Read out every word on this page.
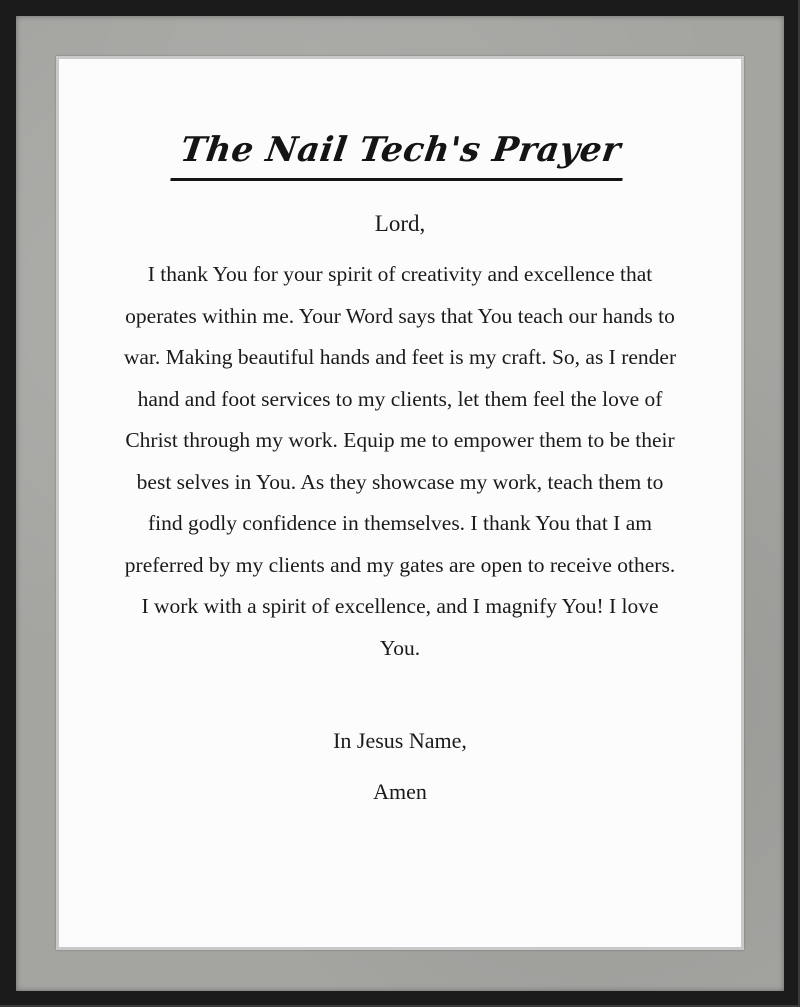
The Nail Tech's Prayer

Lord,

I thank You for your spirit of creativity and excellence that operates within me. Your Word says that You teach our hands to war. Making beautiful hands and feet is my craft. So, as I render hand and foot services to my clients, let them feel the love of Christ through my work. Equip me to empower them to be their best selves in You. As they showcase my work, teach them to find godly confidence in themselves. I thank You that I am preferred by my clients and my gates are open to receive others. I work with a spirit of excellence, and I magnify You! I love You.

In Jesus Name,

Amen
